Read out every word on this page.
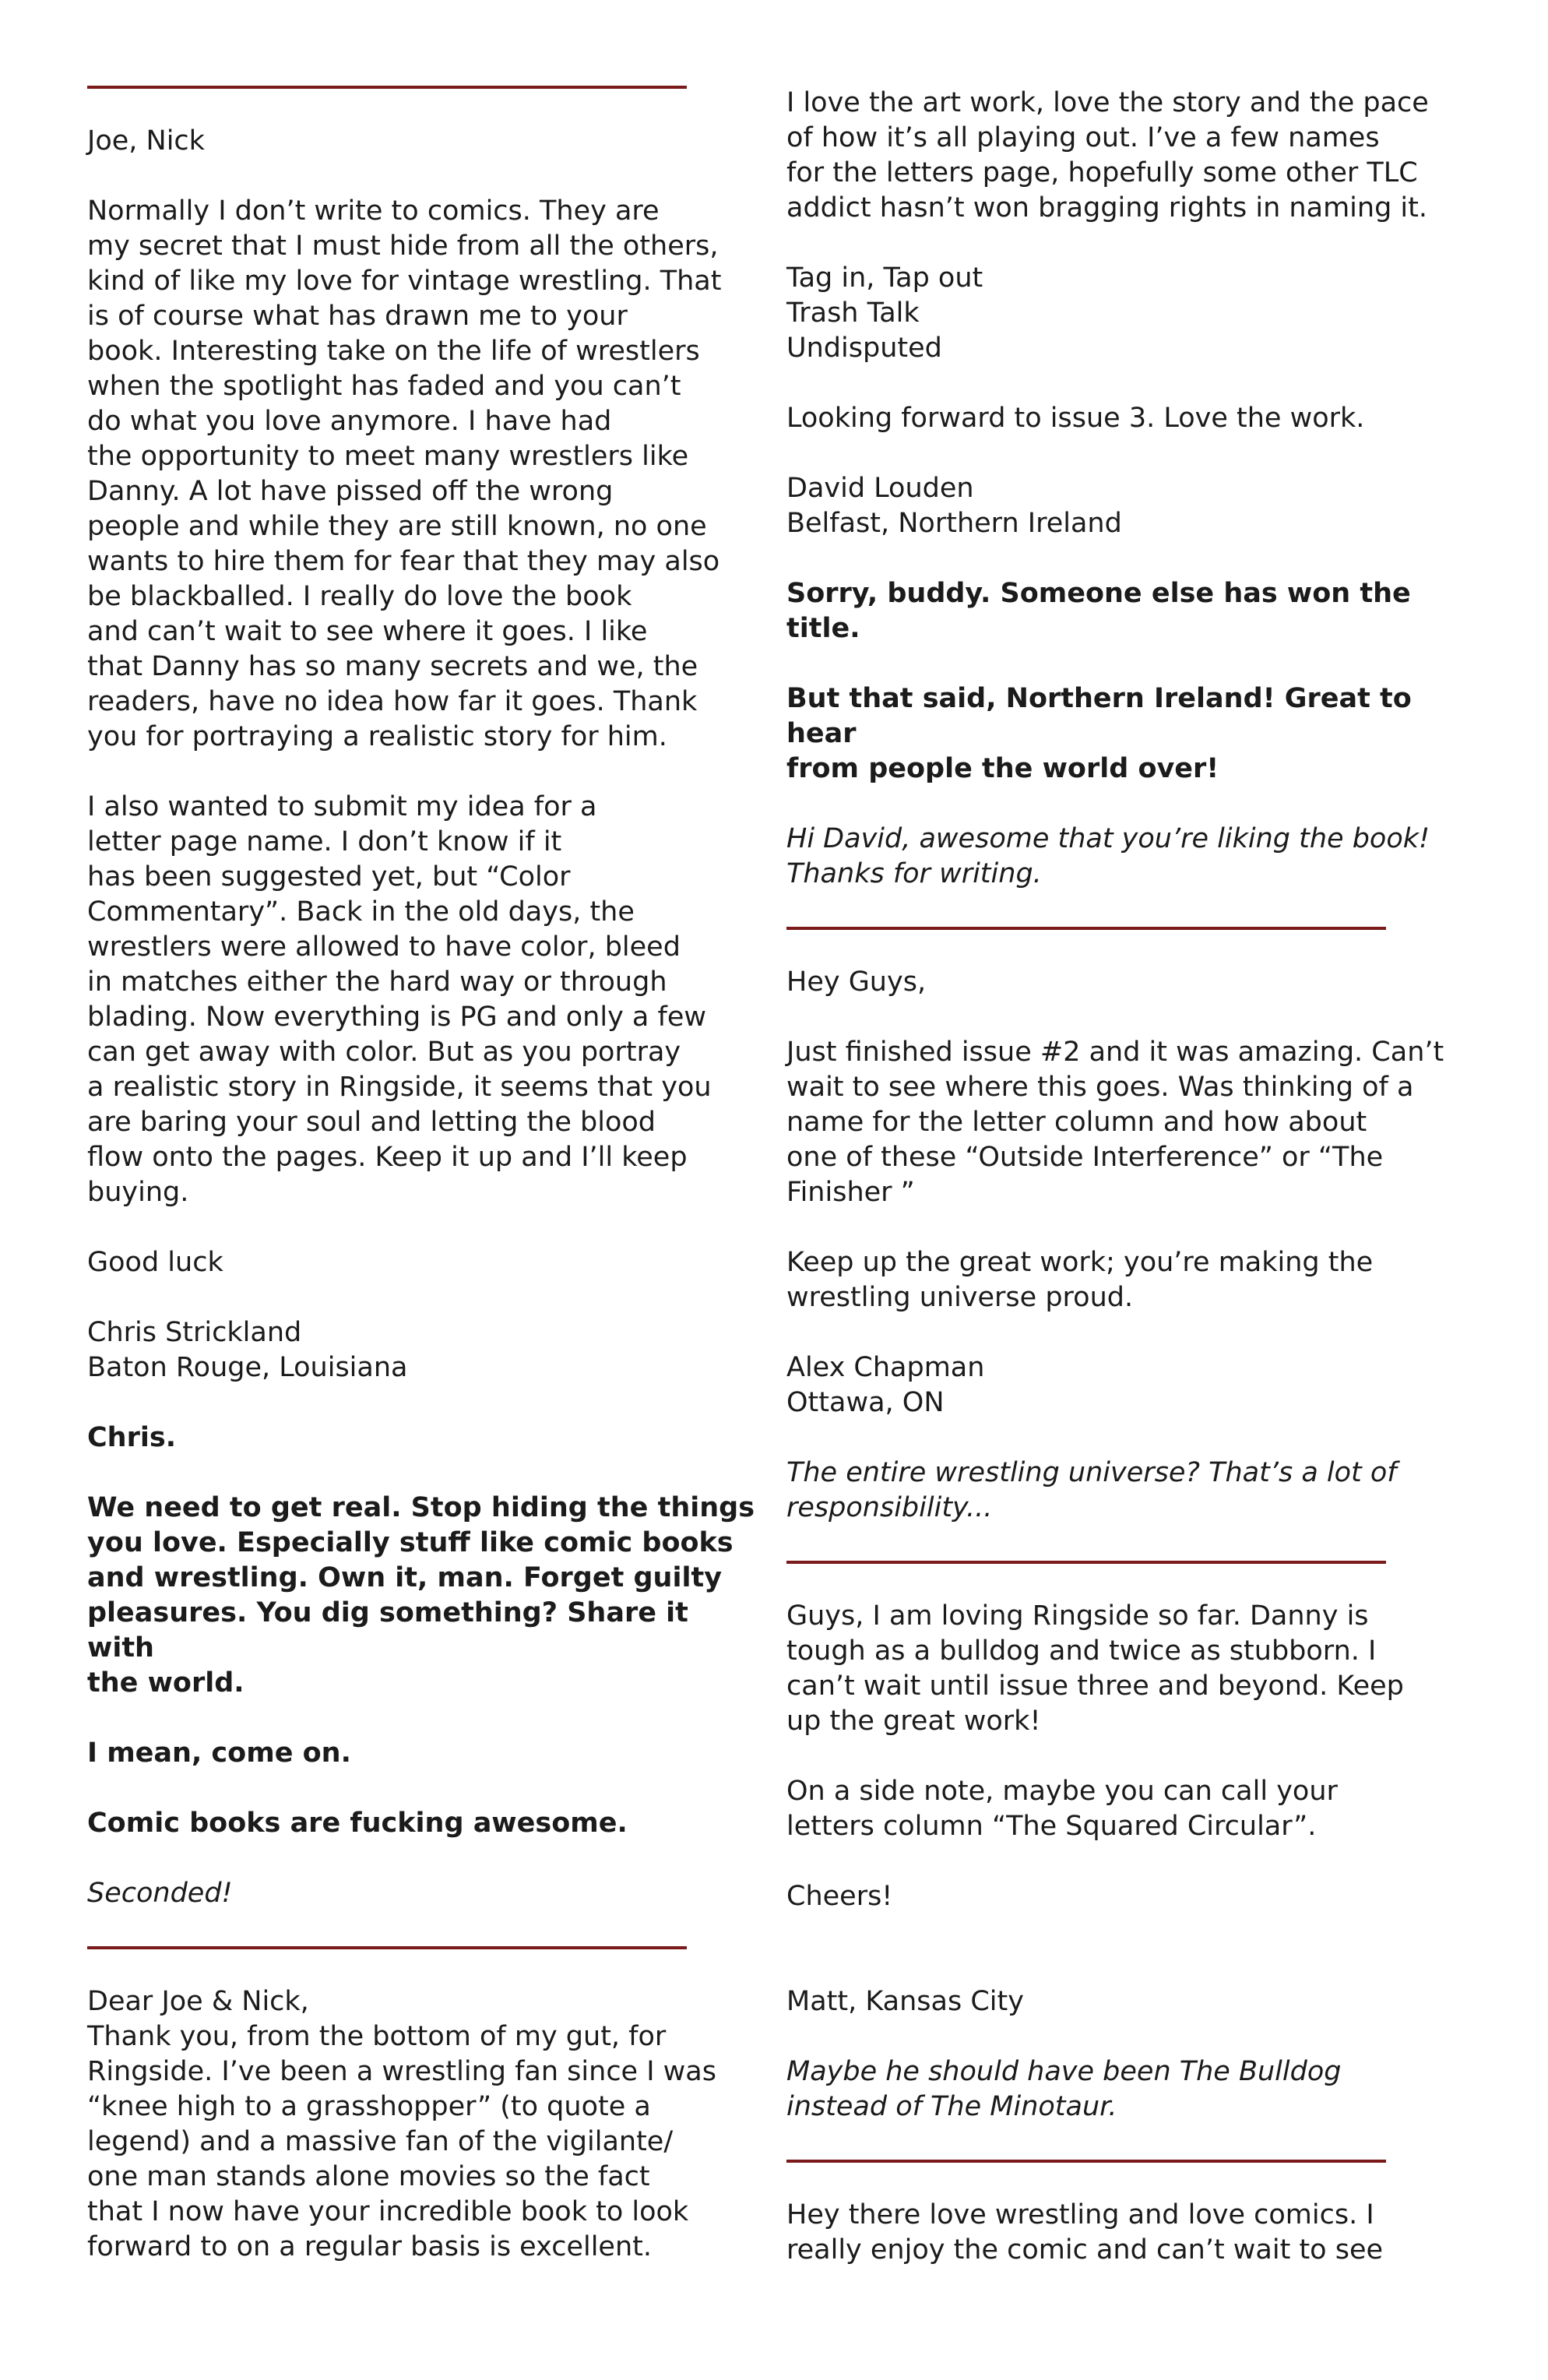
Joe, Nick
Normally I don’t write to comics. They are
my secret that I must hide from all the others,
kind of like my love for vintage wrestling. That
is of course what has drawn me to your
book. Interesting take on the life of wrestlers
when the spotlight has faded and you can’t
do what you love anymore. I have had
the opportunity to meet many wrestlers like
Danny. A lot have pissed off the wrong
people and while they are still known, no one
wants to hire them for fear that they may also
be blackballed. I really do love the book
and can’t wait to see where it goes. I like
that Danny has so many secrets and we, the
readers, have no idea how far it goes. Thank
you for portraying a realistic story for him.
I also wanted to submit my idea for a
letter page name. I don’t know if it
has been suggested yet, but “Color
Commentary”. Back in the old days, the
wrestlers were allowed to have color, bleed
in matches either the hard way or through
blading. Now everything is PG and only a few
can get away with color. But as you portray
a realistic story in Ringside, it seems that you
are baring your soul and letting the blood
flow onto the pages. Keep it up and I’ll keep
buying.
Good luck
Chris Strickland
Baton Rouge, Louisiana
Chris.
We need to get real. Stop hiding the things
you love. Especially stuff like comic books
and wrestling. Own it, man. Forget guilty
pleasures. You dig something? Share it with
the world.
I mean, come on.
Comic books are fucking awesome.
Seconded!
Dear Joe & Nick,
Thank you, from the bottom of my gut, for
Ringside. I’ve been a wrestling fan since I was
“knee high to a grasshopper” (to quote a
legend) and a massive fan of the vigilante/
one man stands alone movies so the fact
that I now have your incredible book to look
forward to on a regular basis is excellent.
I love the art work, love the story and the pace
of how it’s all playing out. I’ve a few names
for the letters page, hopefully some other TLC
addict hasn’t won bragging rights in naming it.
Tag in, Tap out
Trash Talk
Undisputed
Looking forward to issue 3. Love the work.
David Louden
Belfast, Northern Ireland
Sorry, buddy. Someone else has won the title.
But that said, Northern Ireland! Great to hear
from people the world over!
Hi David, awesome that you’re liking the book!
Thanks for writing.
Hey Guys,
Just finished issue #2 and it was amazing. Can’t
wait to see where this goes. Was thinking of a
name for the letter column and how about
one of these “Outside Interference” or “The
Finisher ”
Keep up the great work; you’re making the
wrestling universe proud.
Alex Chapman
Ottawa, ON
The entire wrestling universe? That’s a lot of
responsibility...
Guys, I am loving Ringside so far. Danny is
tough as a bulldog and twice as stubborn. I
can’t wait until issue three and beyond. Keep
up the great work!
On a side note, maybe you can call your
letters column “The Squared Circular”.
Cheers!
Matt, Kansas City
Maybe he should have been The Bulldog
instead of The Minotaur.
Hey there love wrestling and love comics. I
really enjoy the comic and can’t wait to see
